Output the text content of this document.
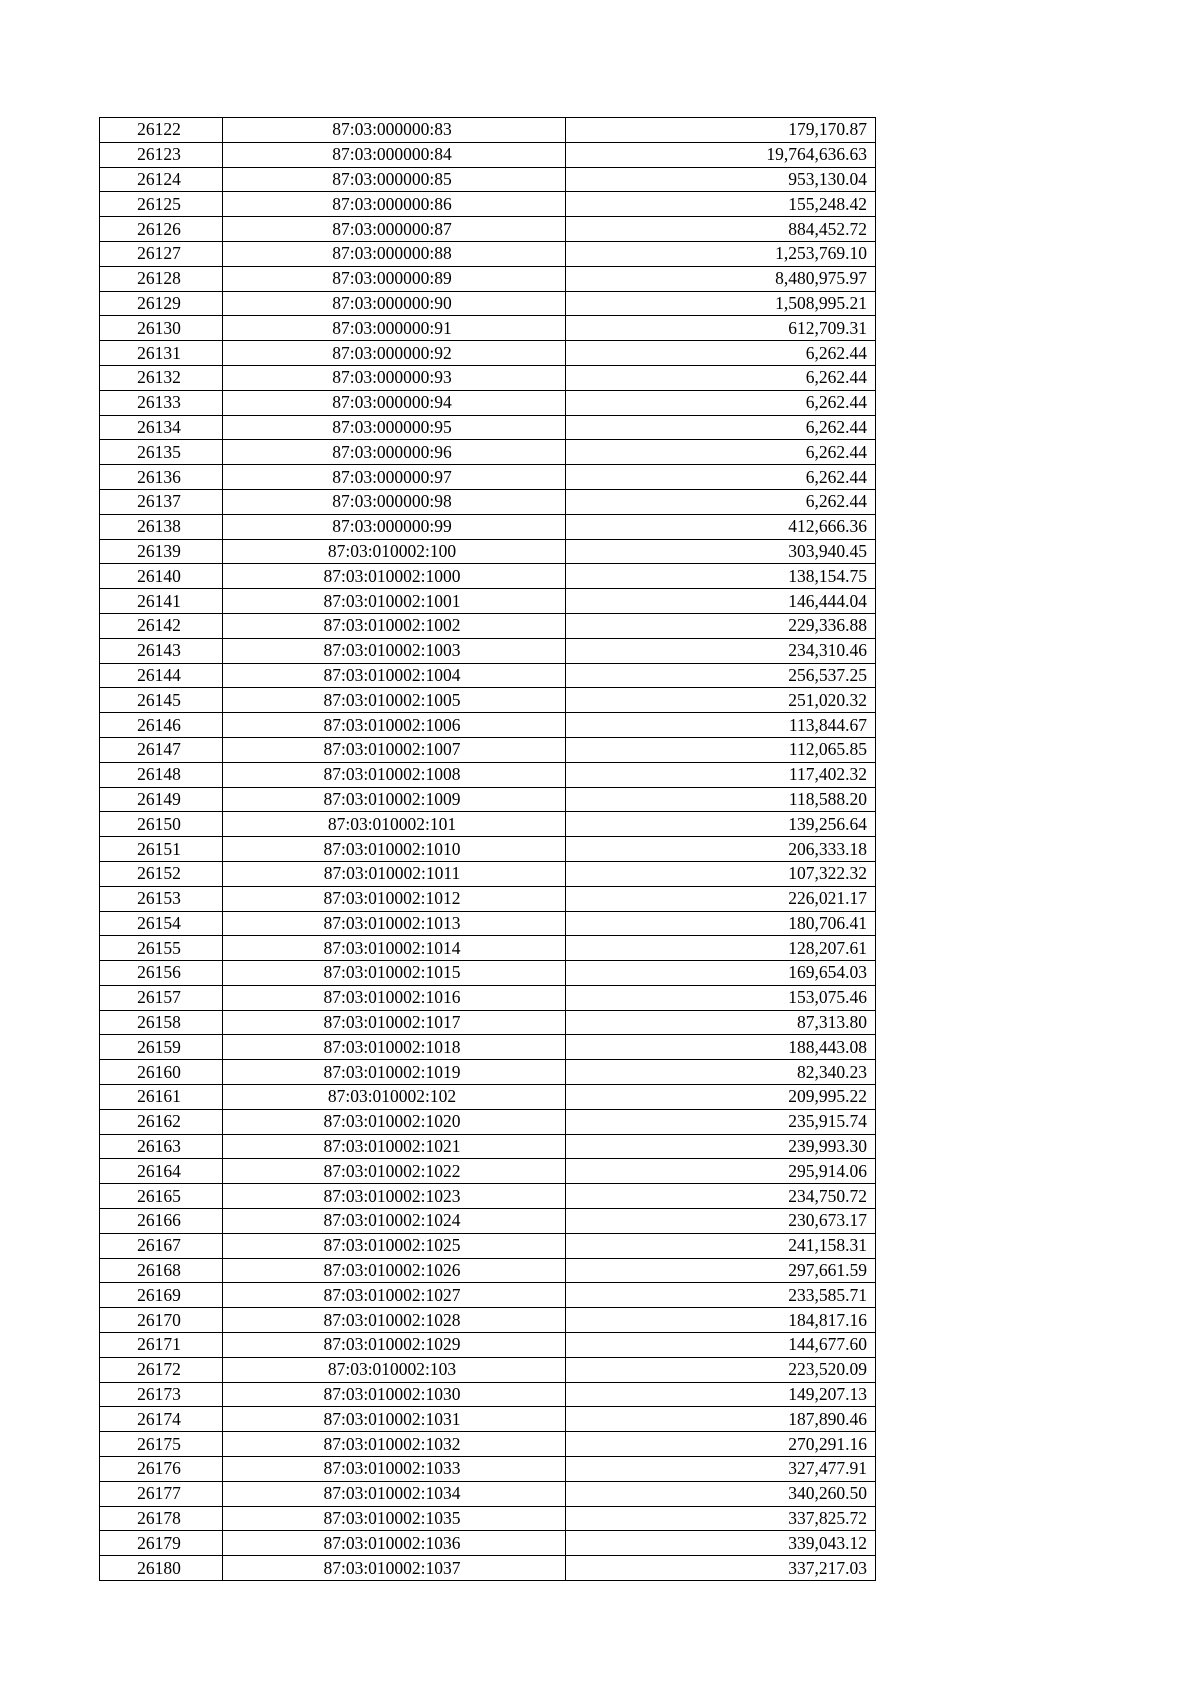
26122	87:03:000000:83	179,170.87
26123	87:03:000000:84	19,764,636.63
26124	87:03:000000:85	953,130.04
26125	87:03:000000:86	155,248.42
26126	87:03:000000:87	884,452.72
26127	87:03:000000:88	1,253,769.10
26128	87:03:000000:89	8,480,975.97
26129	87:03:000000:90	1,508,995.21
26130	87:03:000000:91	612,709.31
26131	87:03:000000:92	6,262.44
26132	87:03:000000:93	6,262.44
26133	87:03:000000:94	6,262.44
26134	87:03:000000:95	6,262.44
26135	87:03:000000:96	6,262.44
26136	87:03:000000:97	6,262.44
26137	87:03:000000:98	6,262.44
26138	87:03:000000:99	412,666.36
26139	87:03:010002:100	303,940.45
26140	87:03:010002:1000	138,154.75
26141	87:03:010002:1001	146,444.04
26142	87:03:010002:1002	229,336.88
26143	87:03:010002:1003	234,310.46
26144	87:03:010002:1004	256,537.25
26145	87:03:010002:1005	251,020.32
26146	87:03:010002:1006	113,844.67
26147	87:03:010002:1007	112,065.85
26148	87:03:010002:1008	117,402.32
26149	87:03:010002:1009	118,588.20
26150	87:03:010002:101	139,256.64
26151	87:03:010002:1010	206,333.18
26152	87:03:010002:1011	107,322.32
26153	87:03:010002:1012	226,021.17
26154	87:03:010002:1013	180,706.41
26155	87:03:010002:1014	128,207.61
26156	87:03:010002:1015	169,654.03
26157	87:03:010002:1016	153,075.46
26158	87:03:010002:1017	87,313.80
26159	87:03:010002:1018	188,443.08
26160	87:03:010002:1019	82,340.23
26161	87:03:010002:102	209,995.22
26162	87:03:010002:1020	235,915.74
26163	87:03:010002:1021	239,993.30
26164	87:03:010002:1022	295,914.06
26165	87:03:010002:1023	234,750.72
26166	87:03:010002:1024	230,673.17
26167	87:03:010002:1025	241,158.31
26168	87:03:010002:1026	297,661.59
26169	87:03:010002:1027	233,585.71
26170	87:03:010002:1028	184,817.16
26171	87:03:010002:1029	144,677.60
26172	87:03:010002:103	223,520.09
26173	87:03:010002:1030	149,207.13
26174	87:03:010002:1031	187,890.46
26175	87:03:010002:1032	270,291.16
26176	87:03:010002:1033	327,477.91
26177	87:03:010002:1034	340,260.50
26178	87:03:010002:1035	337,825.72
26179	87:03:010002:1036	339,043.12
26180	87:03:010002:1037	337,217.03
